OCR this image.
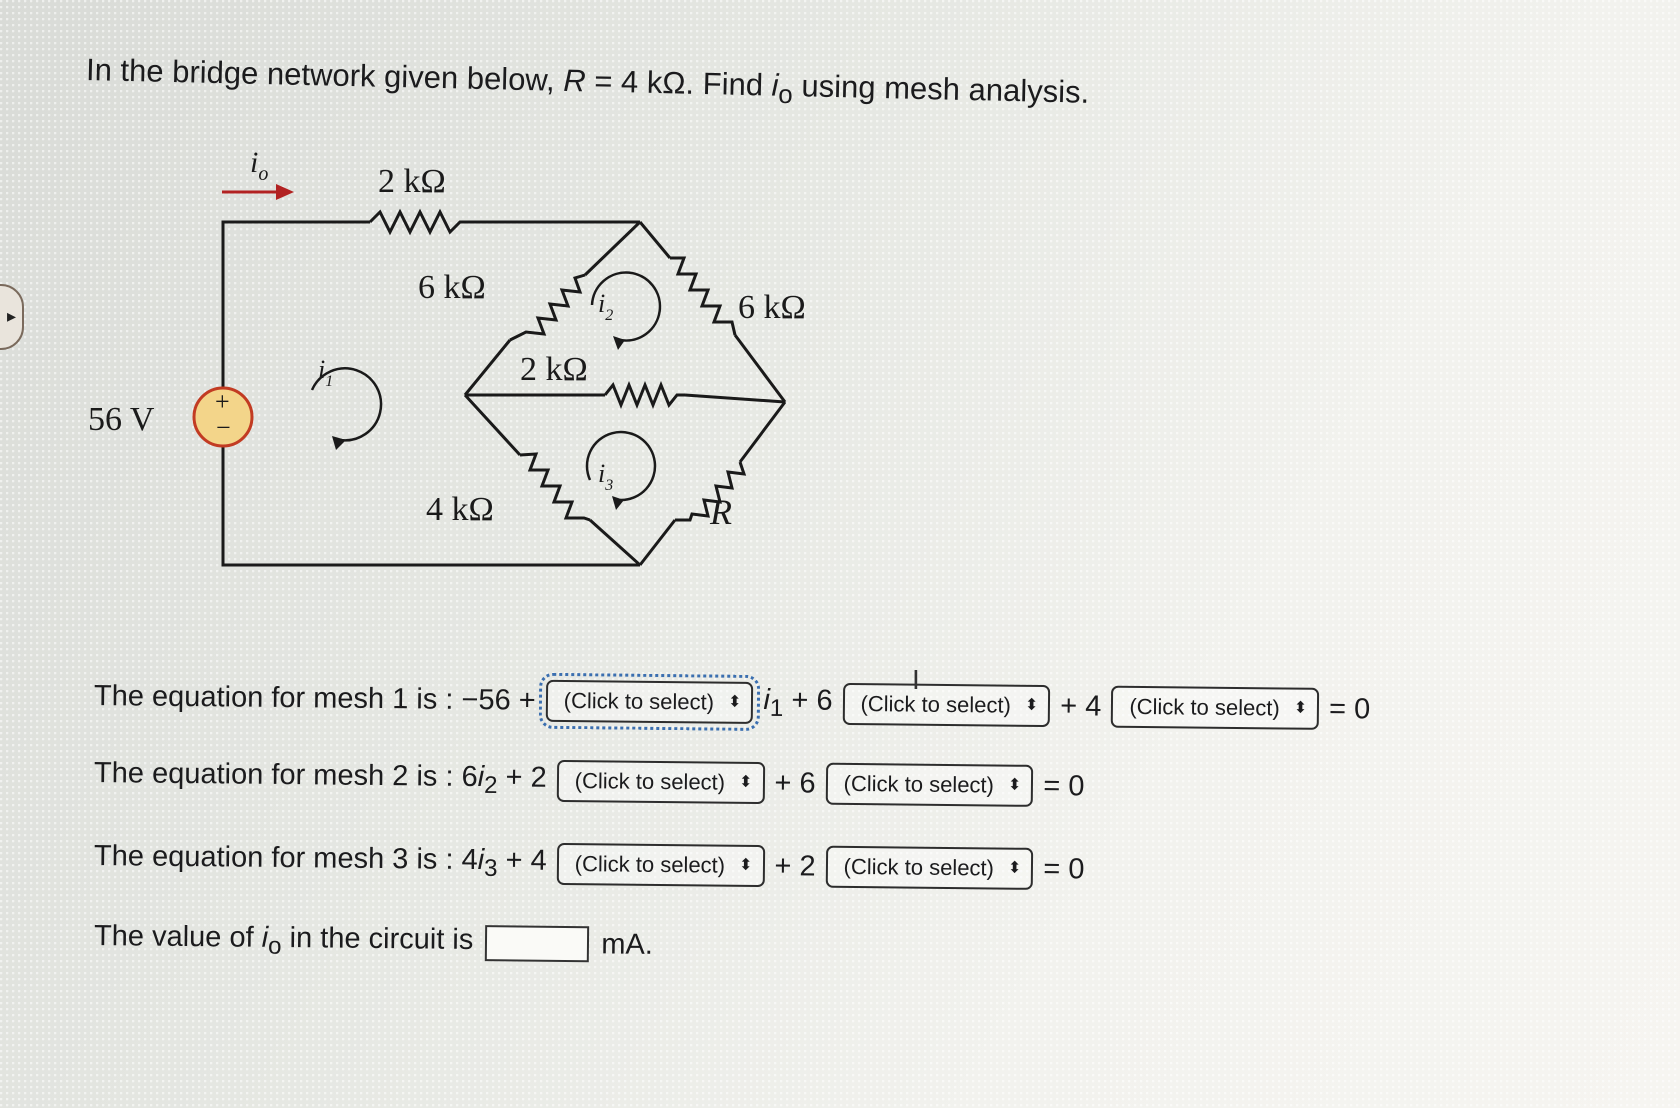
▸

In the bridge network given below, R = 4 kΩ. Find $i_o$ using mesh analysis.

+
−
56 V
$i_o$	2 kΩ
6 kΩ
6 kΩ
2 kΩ
4 kΩ	R
$i_1$
$i_2$
$i_3$
The equation for mesh 1 is : −56 + (Click to select) ⬍ $i_1 + 6$ (Click to select) ⬍ + 4 (Click to select) ⬍ = 0
The equation for mesh 2 is : $6i_2 + 2$ (Click to select) ⬍ + 6 (Click to select) ⬍ = 0
The equation for mesh 3 is : $4i_3 + 4$ (Click to select) ⬍ + 2 (Click to select) ⬍ = 0
The value of $i_o$ in the circuit is	mA.
I
